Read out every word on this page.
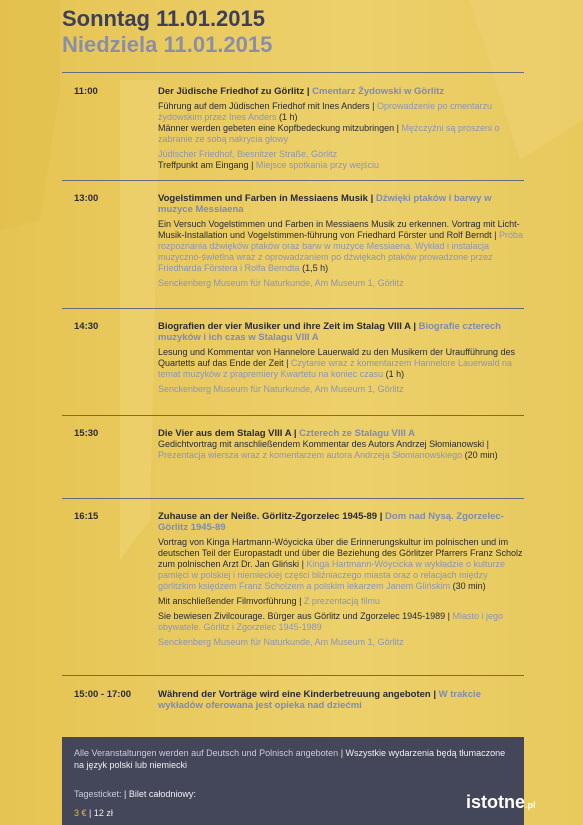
Sonntag 11.01.2015
Niedziela 11.01.2015
11:00	Der Jüdische Friedhof zu Görlitz | Cmentarz Żydowski w Görlitz
Führung auf dem Jüdischen Friedhof mit Ines Anders | Oprowadzenie po cmentarzu żydowskim przez Ines Anders (1 h)
Männer werden gebeten eine Kopfbedeckung mitzubringen | Mężczyźni są proszeni o zabranie ze sobą nakrycia głowy
Jüdischer Friedhof, Biesnitzer Straße, Görlitz
Treffpunkt am Eingang | Miejsce spotkania przy wejściu
13:00	Vogelstimmen und Farben in Messiaens Musik | Dźwięki ptaków i barwy w muzyce Messiaena
Ein Versuch Vogelstimmen und Farben in Messiaens Musik zu erkennen. Vortrag mit Licht-Musik-Installation und Vogelstimmen-führung von Friedhard Förster und Rolf Berndt | Próba rozpoznania dźwięków ptaków oraz barw w muzyce Messiaena. Wykład i instalacja muzyczno-świetlna wraz z oprowadzaniem po dźwiękach ptaków prowadzone przez Friedharda Förstera i Rolfa Berndta (1,5 h)
Senckenberg Museum für Naturkunde, Am Museum 1, Görlitz
14:30	Biografien der vier Musiker und ihre Zeit im Stalag VIII A | Biografie czterech muzyków i ich czas w Stalagu VIII A
Lesung und Kommentar von Hannelore Lauerwald zu den Musikern der Uraufführung des Quartetts auf das Ende der Zeit | Czytanie wraz z komentarzem Hannelore Lauerwald na temat muzyków z prapremiery Kwartetu na koniec czasu (1 h)
Senckenberg Museum für Naturkunde, Am Museum 1, Görlitz
15:30	Die Vier aus dem Stalag VIII A | Czterech ze Stalagu VIII A
Gedichtvortrag mit anschließendem Kommentar des Autors Andrzej Słomianowski | Prezentacja wiersza wraz z komentarzem autora Andrzeja Słomianowskiego (20 min)
16:15	Zuhause an der Neiße. Görlitz-Zgorzelec 1945-89 | Dom nad Nysą. Zgorzelec-Görlitz 1945-89
Vortrag von Kinga Hartmann-Wóycicka über die Erinnerungskultur im polnischen und im deutschen Teil der Europastadt und über die Beziehung des Görlitzer Pfarrers Franz Scholz zum polnischen Arzt Dr. Jan Gliński | Kinga Hartmann-Wóycicka w wykładzie o kulturze pamięci w polskiej i niemieckiej części bliźniaczego miasta oraz o relacjach między görlitzkim księdzem Franz Scholzem a polskim lekarzem Janem Glińskim (30 min)
Mit anschließender Filmvorführung | Z prezentacją filmu
Sie bewiesen Zivilcourage. Bürger aus Görlitz und Zgorzelec 1945-1989 | Miasto i jego obywatele. Görlitz i Zgorzelec 1945-1989
Senckenberg Museum für Naturkunde, Am Museum 1, Görlitz
15:00 - 17:00	Während der Vorträge wird eine Kinderbetreuung angeboten | W trakcie wykładów oferowana jest opieka nad dziećmi
Alle Veranstaltungen werden auf Deutsch und Polnisch angeboten | Wszystkie wydarzenia będą tłumaczone na język polski lub niemiecki
Tagesticket: | Bilet całodniowy:
3 € | 12 zł
istotne.pl
